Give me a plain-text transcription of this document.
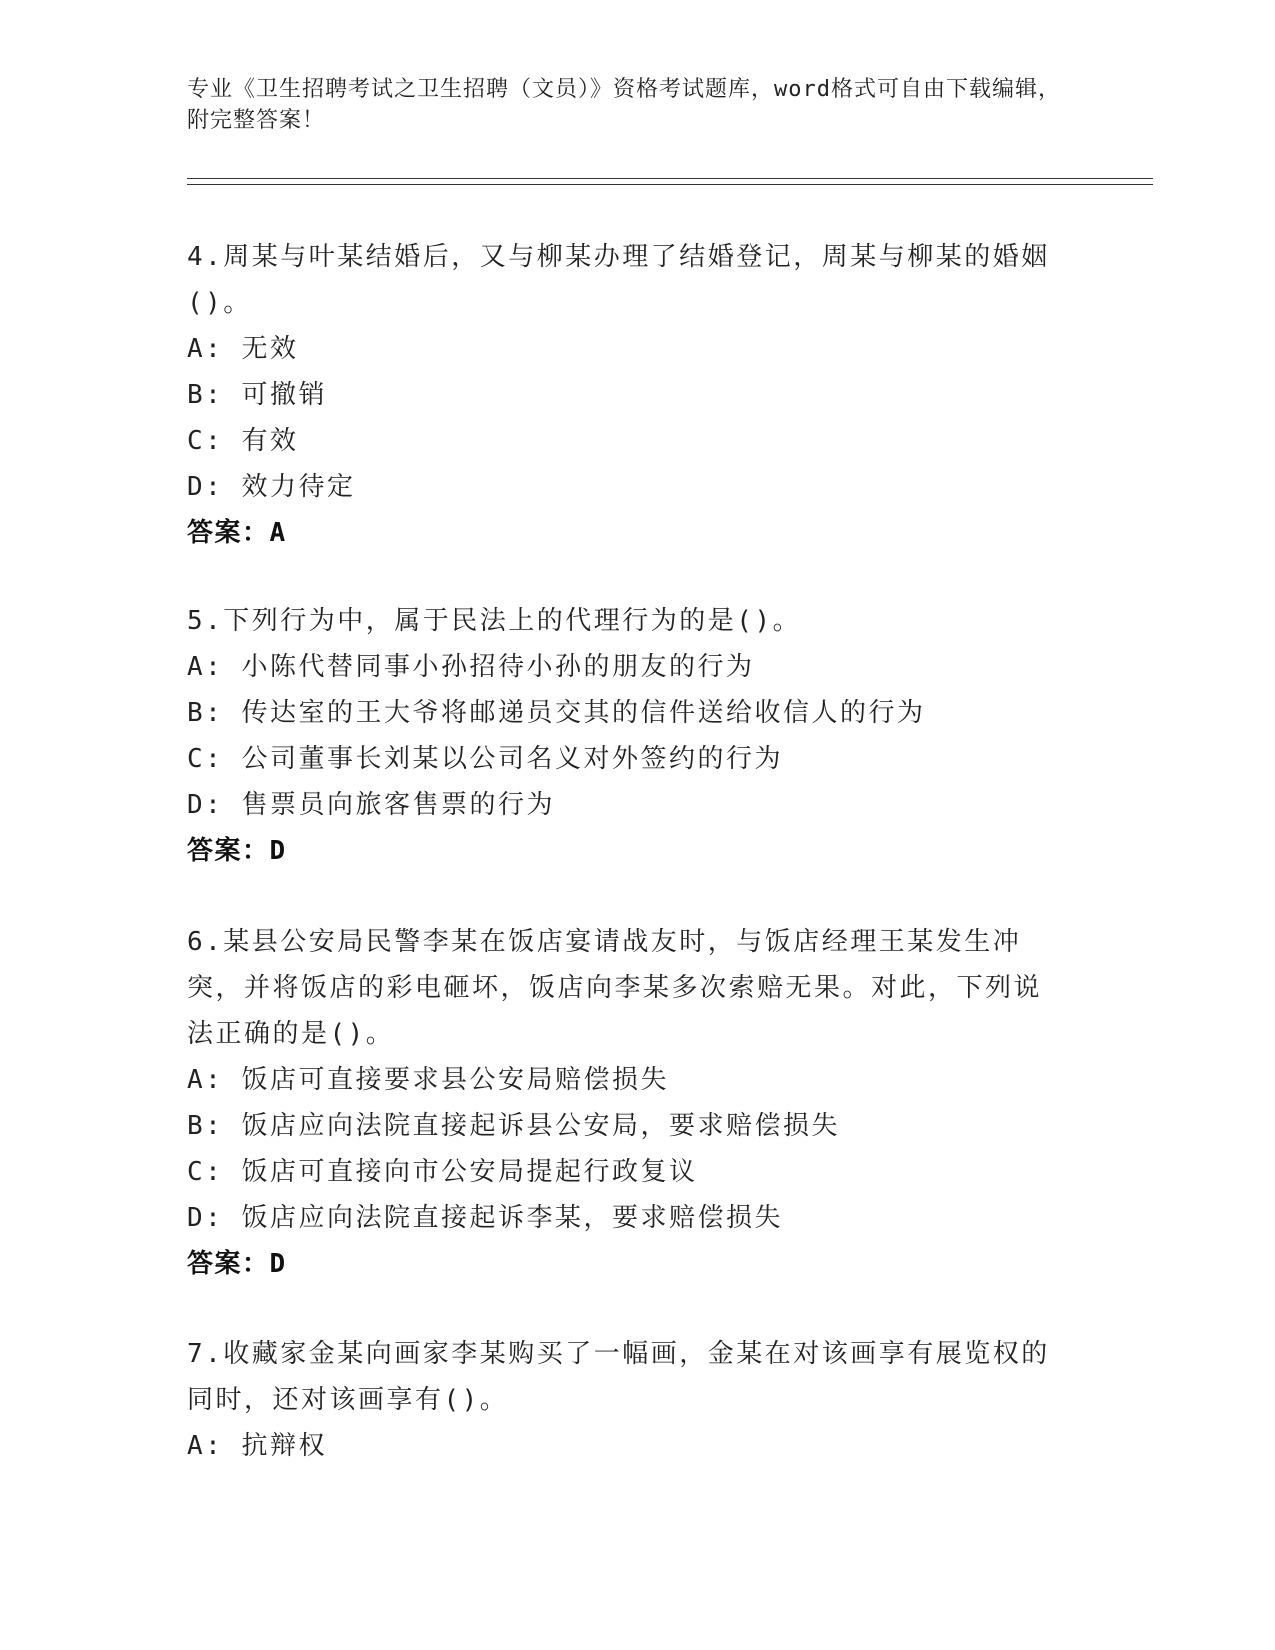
专业《卫生招聘考试之卫生招聘（文员）》资格考试题库，word格式可自由下载编辑，附完整答案！

4.周某与叶某结婚后，又与柳某办理了结婚登记，周某与柳某的婚姻()。

A: 无效

B: 可撤销

C: 有效

D: 效力待定

答案：A

5.下列行为中，属于民法上的代理行为的是()。

A: 小陈代替同事小孙招待小孙的朋友的行为

B: 传达室的王大爷将邮递员交其的信件送给收信人的行为

C: 公司董事长刘某以公司名义对外签约的行为

D: 售票员向旅客售票的行为

答案：D

6.某县公安局民警李某在饭店宴请战友时，与饭店经理王某发生冲突，并将饭店的彩电砸坏，饭店向李某多次索赔无果。对此，下列说法正确的是()。

A: 饭店可直接要求县公安局赔偿损失

B: 饭店应向法院直接起诉县公安局，要求赔偿损失

C: 饭店可直接向市公安局提起行政复议

D: 饭店应向法院直接起诉李某，要求赔偿损失

答案：D

7.收藏家金某向画家李某购买了一幅画，金某在对该画享有展览权的同时，还对该画享有()。

A: 抗辩权
